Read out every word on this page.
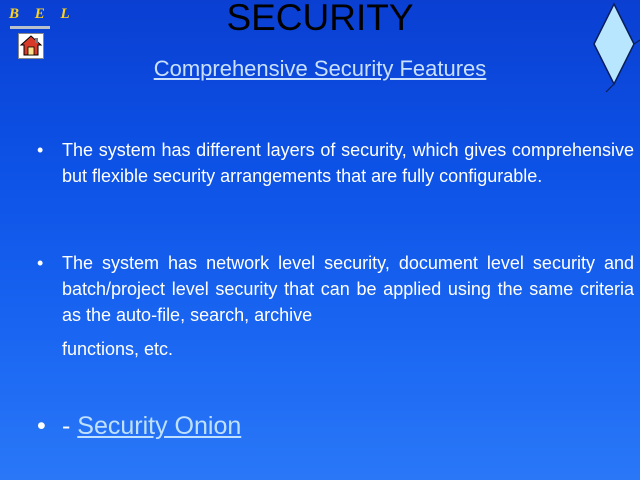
B E L	SECURITY
Comprehensive Security Features
• The system has different layers of security, which gives comprehensive but flexible security arrangements that are fully configurable.
• The system has network level security, document level security and batch/project level security that can be applied using the same criteria as the auto-file, search, archive
functions, etc.
• - Security Onion
